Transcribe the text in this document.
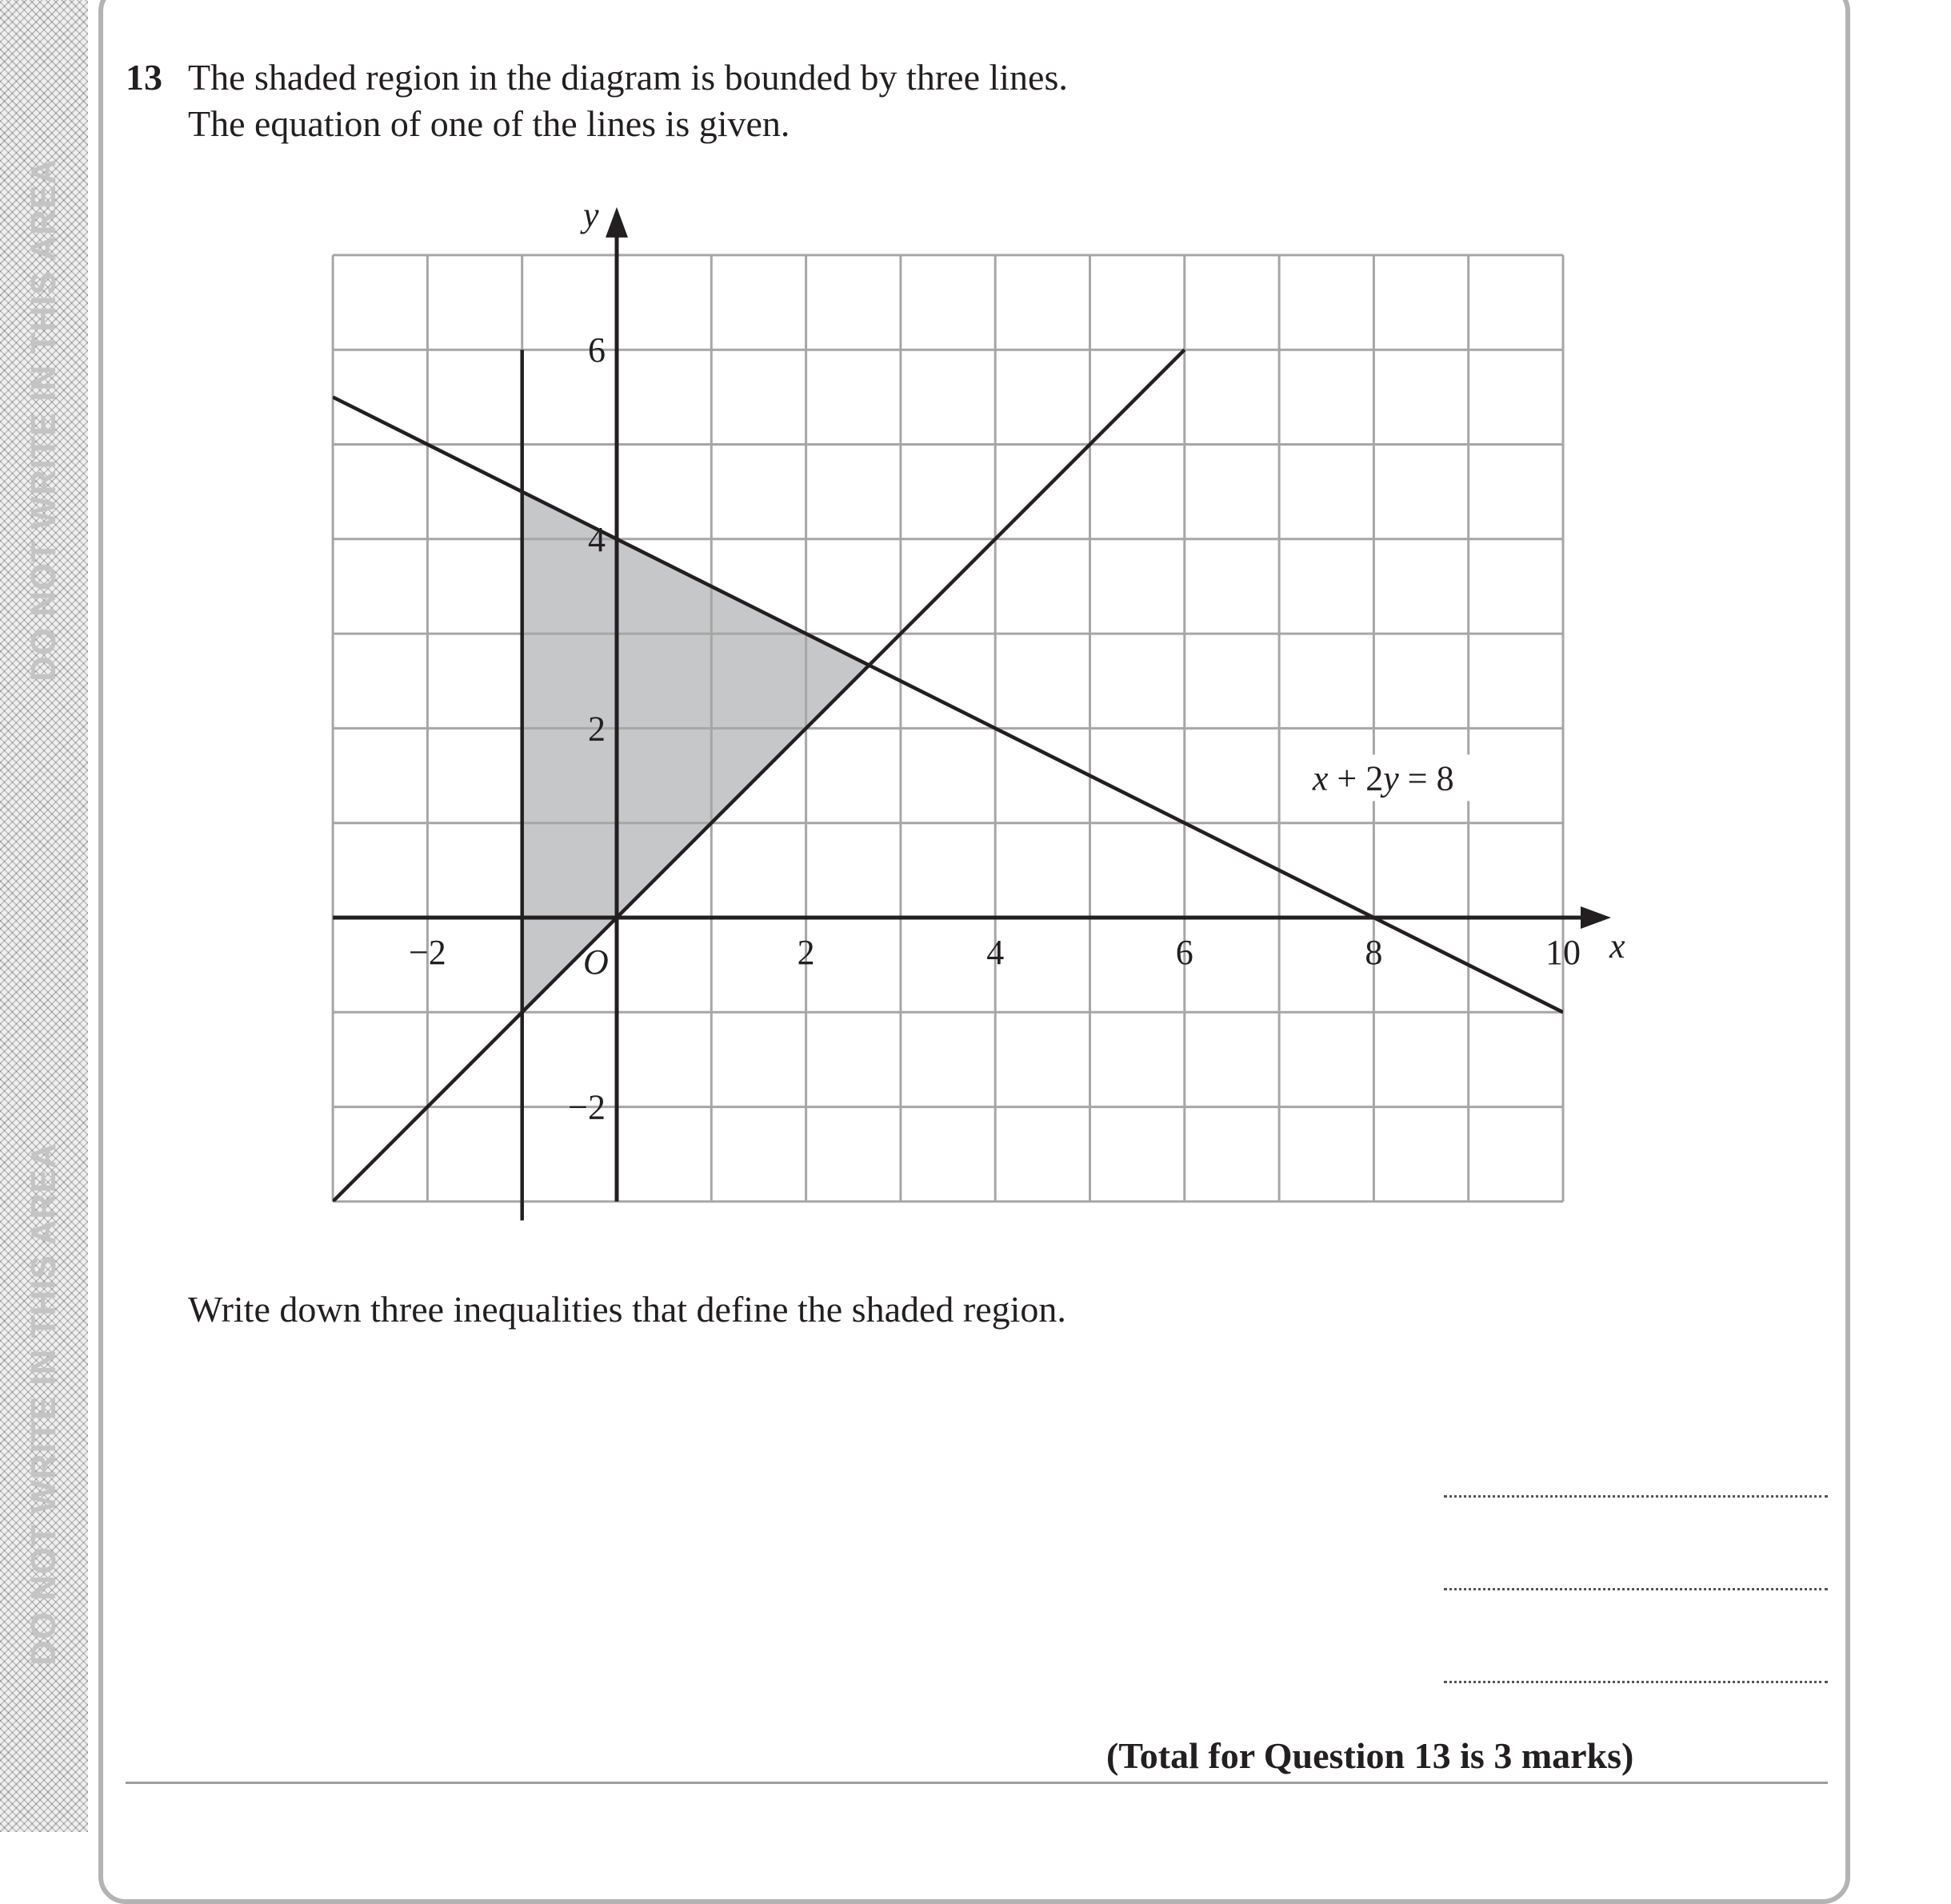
DO NOT WRITE IN THIS AREA
DO NOT WRITE IN THIS AREA
13 The shaded region in the diagram is bounded by three lines.
The equation of one of the lines is given.
−2	2	4	6	8	10
6
4
2
−2
x + 2y = 8
x
y
O
Write down three inequalities that define the shaded region.
(Total for Question 13 is 3 marks)
